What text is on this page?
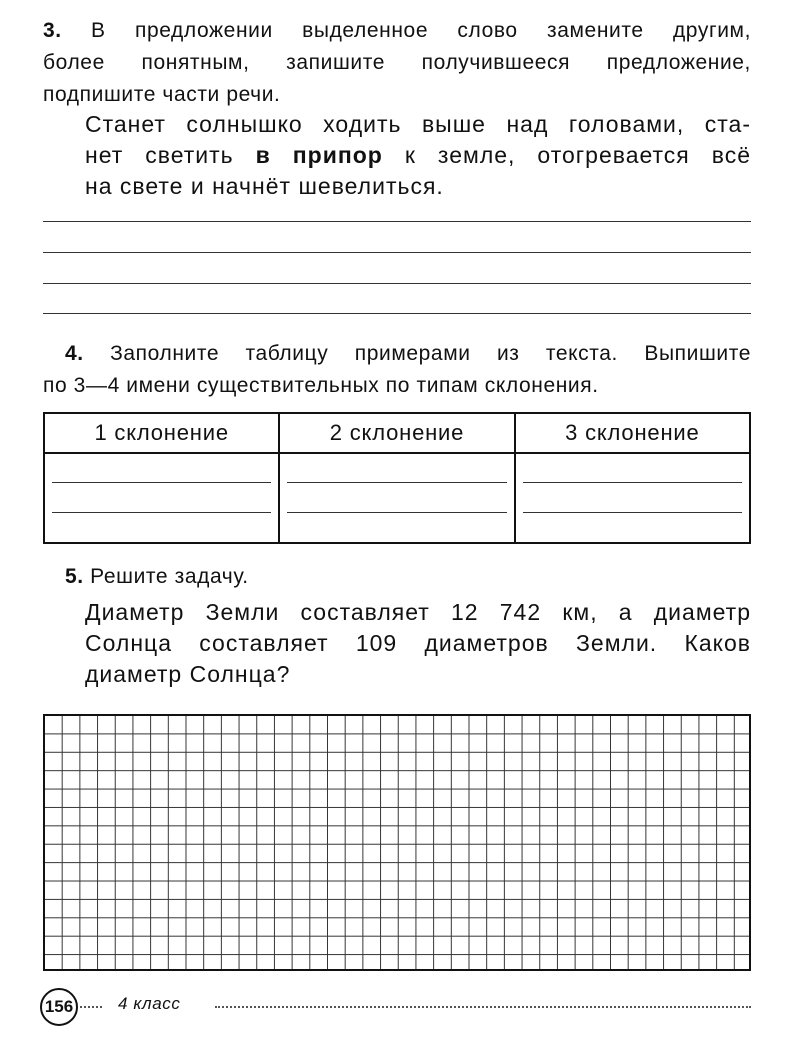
3. В предложении выделенное слово замените другим,
более понятным, запишите получившееся предложение,
подпишите части речи.
Станет солнышко ходить выше над головами, ста-
нет светить в припор к земле, отогревается всё
на свете и начнёт шевелиться.
4. Заполните таблицу примерами из текста. Выпишите
по 3—4 имени существительных по типам склонения.
1 склонение	2 склонение	3 склонение

5. Решите задачу.
Диаметр Земли составляет 12 742 км, а диаметр
Солнца составляет 109 диаметров Земли. Каков
диаметр Солнца?
156	4 класс
